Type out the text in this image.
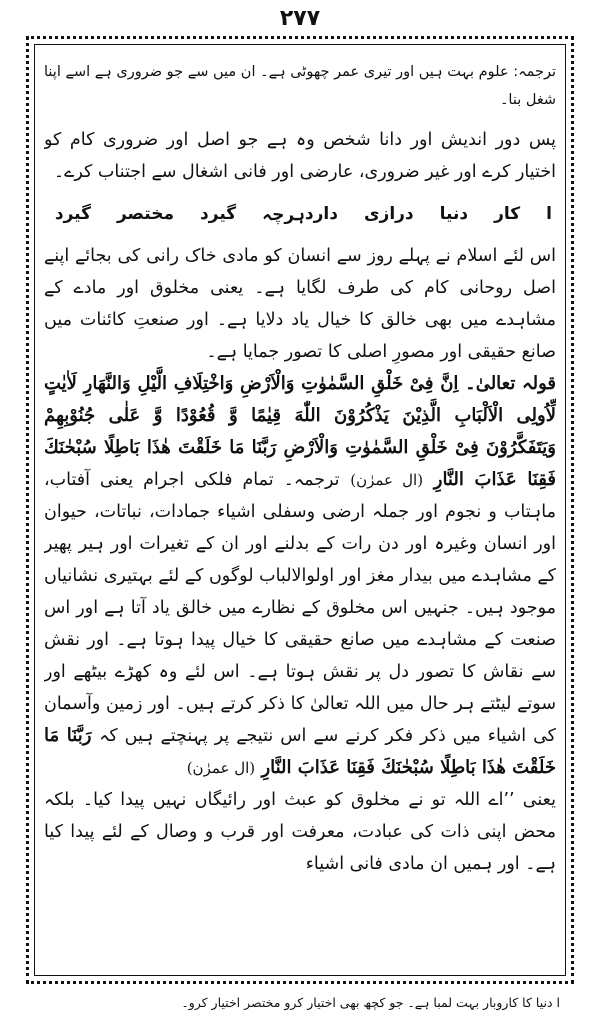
۲۷۷

ترجمہ: علوم بہت ہیں اور تیری عمر چھوٹی ہے۔ ان میں سے جو ضروری ہے اسے اپنا شغل بنا۔

پس دور اندیش اور دانا شخص وہ ہے جو اصل اور ضروری کام کو اختیار کرے اور غیر ضروری، عارضی اور فانی اشغال سے اجتناب کرے۔

ا
کار
دنیا
درازی
دارد
ہرچہ
گیرد
مختصر
گیرد

اس لئے اسلام نے پہلے روز سے انسان کو مادی خاک رانی کی بجائے اپنے اصل روحانی کام کی طرف لگایا ہے۔ یعنی مخلوق اور مادے کے مشاہدے میں بھی خالق کا خیال یاد دلایا ہے۔ اور صنعتِ کائنات میں صانع حقیقی اور مصورِ اصلی کا تصور جمایا ہے۔

قولہ تعالیٰ۔ اِنَّ فِیْ خَلْقِ السَّمٰوٰتِ وَالْاَرْضِ وَاخْتِلَافِ الَّیْلِ وَالنَّهَارِ لَاٰیٰتٍ لِّاُولِی الْاَلْبَابِ الَّذِیْنَ یَذْكُرُوْنَ اللّٰهَ قِیٰمًا وَّ قُعُوْدًا وَّ عَلٰی جُنُوْبِهِمْ وَیَتَفَكَّرُوْنَ فِیْ خَلْقِ السَّمٰوٰتِ وَالْاَرْضِ رَبَّنَا مَا خَلَقْتَ هٰذَا بَاطِلًا سُبْحٰنَكَ فَقِنَا عَذَابَ النَّارِ (ال عمرٰن) ترجمہ۔ تمام فلکی اجرام یعنی آفتاب، ماہتاب و نجوم اور جملہ ارضی وسفلی اشیاء جمادات، نباتات، حیوان اور انسان وغیرہ اور دن رات کے بدلنے اور ان کے تغیرات اور ہیر پھیر کے مشاہدے میں بیدار مغز اور اولوالالباب لوگوں کے لئے بہتیری نشانیاں موجود ہیں۔ جنہیں اس مخلوق کے نظارے میں خالق یاد آتا ہے اور اس صنعت کے مشاہدے میں صانع حقیقی کا خیال پیدا ہوتا ہے۔ اور نقش سے نقاش کا تصور دل پر نقش ہوتا ہے۔ اس لئے وہ کھڑے بیٹھے اور سوتے لیٹتے ہر حال میں اللہ تعالیٰ کا ذکر کرتے ہیں۔ اور زمین وآسمان کی اشیاء میں ذکر فکر کرنے سے اس نتیجے پر پہنچتے ہیں کہ رَبَّنَا مَا خَلَقْتَ هٰذَا بَاطِلًا سُبْحٰنَكَ فَقِنَا عَذَابَ النَّارِ (ال عمرٰن)

یعنی ’’اے اللہ تو نے مخلوق کو عبث اور رائیگاں نہیں پیدا کیا۔ بلکہ محض اپنی ذات کی عبادت، معرفت اور قرب و وصال کے لئے پیدا کیا ہے۔ اور ہمیں ان مادی فانی اشیاء

ا دنیا کا کاروبار بہت لمبا ہے۔ جو کچھ بھی اختیار کرو مختصر اختیار کرو۔
